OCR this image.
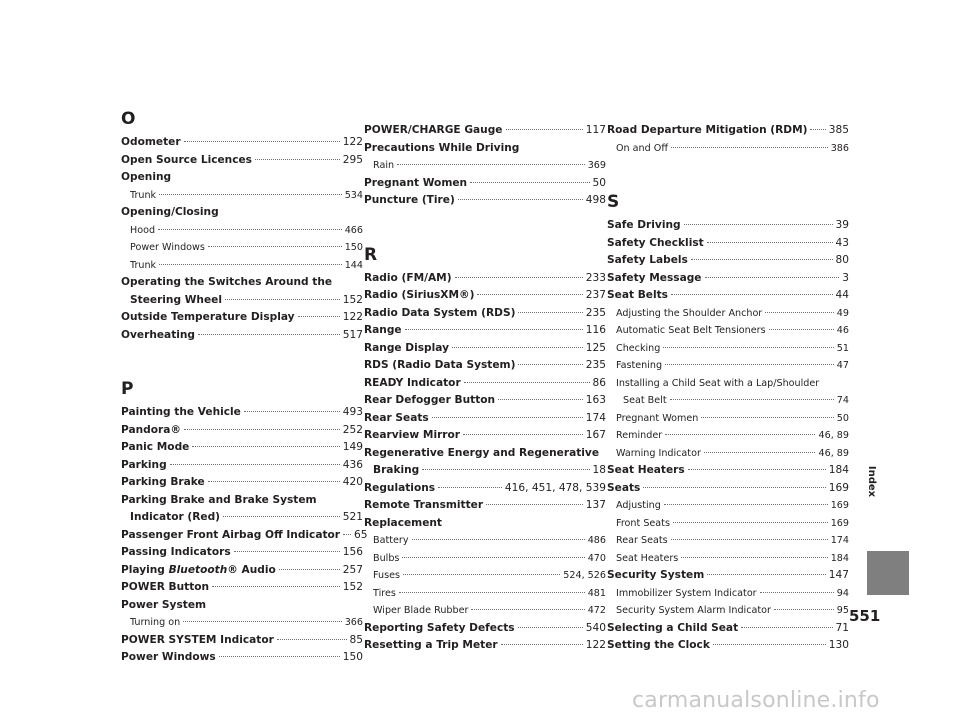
O
Odometer	122
Open Source Licences	295
Opening
Trunk	534
Opening/Closing
Hood	466
Power Windows	150
Trunk	144
Operating the Switches Around the
Steering Wheel	152
Outside Temperature Display	122
Overheating	517
P
Painting the Vehicle	493
Pandora®	252
Panic Mode	149
Parking	436
Parking Brake	420
Parking Brake and Brake System
Indicator (Red)	521
Passenger Front Airbag Off Indicator 65
Passing Indicators	156
Playing Bluetooth® Audio	257
POWER Button	152
Power System
Turning on	366
POWER SYSTEM Indicator	85
Power Windows	150
POWER/CHARGE Gauge	117
Precautions While Driving
Rain	369
Pregnant Women	50
Puncture (Tire)	498
R
Radio (FM/AM)	233
Radio (SiriusXM®)	237
Radio Data System (RDS)	235
Range	116
Range Display	125
RDS (Radio Data System)	235
READY Indicator	86
Rear Defogger Button	163
Rear Seats	174
Rearview Mirror	167
Regenerative Energy and Regenerative
Braking	18
Regulations	416, 451, 478, 539
Remote Transmitter	137
Replacement
Battery	486
Bulbs	470
Fuses	524, 526
Tires	481
Wiper Blade Rubber	472
Reporting Safety Defects	540
Resetting a Trip Meter	122
Road Departure Mitigation (RDM) 385
On and Off	386
S
Safe Driving	39
Safety Checklist	43
Safety Labels	80
Safety Message	3
Seat Belts	44
Adjusting the Shoulder Anchor	49
Automatic Seat Belt Tensioners	46
Checking	51
Fastening	47
Installing a Child Seat with a Lap/Shoulder
Seat Belt	74
Pregnant Women	50
Reminder	46, 89
Warning Indicator	46, 89
Seat Heaters	184
Seats	169
Adjusting	169
Front Seats	169
Rear Seats	174
Seat Heaters	184
Security System	147
Immobilizer System Indicator	94
Security System Alarm Indicator	95
Selecting a Child Seat	71
Setting the Clock	130
Index
551
carmanualsonline.info
